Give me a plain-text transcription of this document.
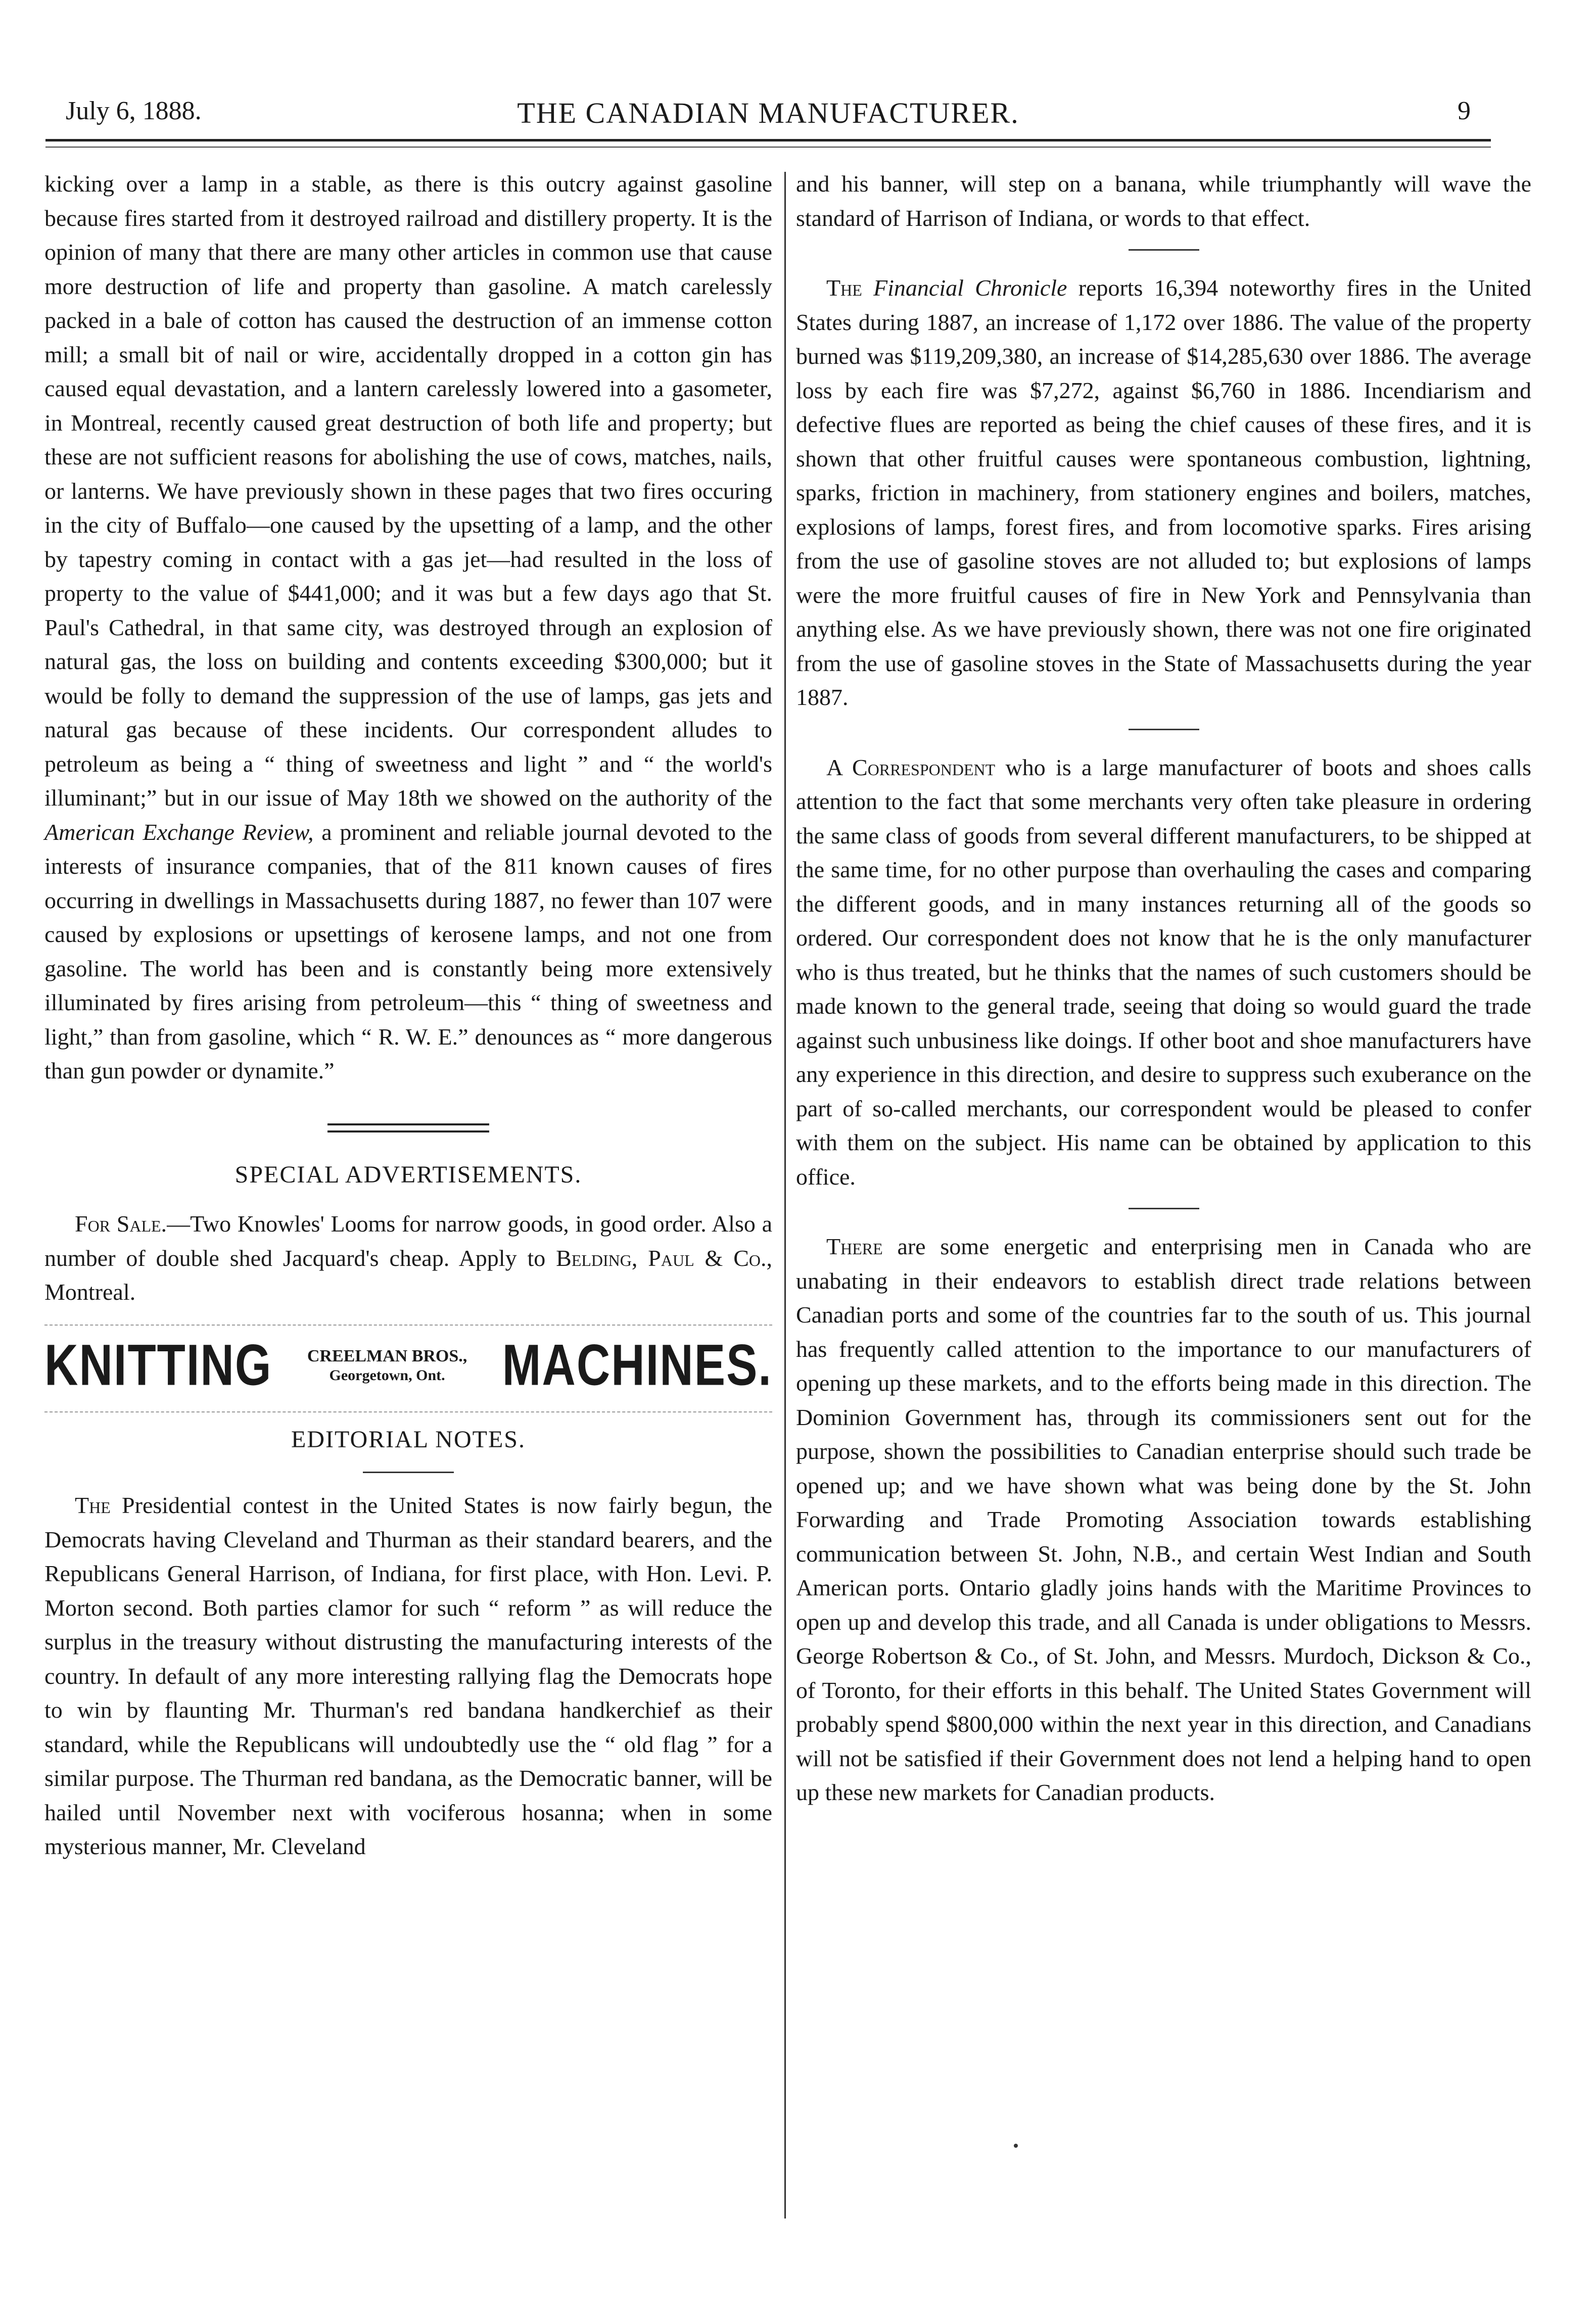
July 6, 1888.	THE CANADIAN MANUFACTURER.	9

kicking over a lamp in a stable, as there is this outcry against gasoline because fires started from it destroyed railroad and distillery property. It is the opinion of many that there are many other articles in common use that cause more destruction of life and property than gasoline. A match carelessly packed in a bale of cotton has caused the destruction of an immense cotton mill; a small bit of nail or wire, accidentally dropped in a cotton gin has caused equal devastation, and a lantern carelessly lowered into a gasometer, in Montreal, recently caused great destruction of both life and property; but these are not sufficient reasons for abolishing the use of cows, matches, nails, or lanterns. We have previously shown in these pages that two fires occuring in the city of Buffalo—one caused by the upsetting of a lamp, and the other by tapestry coming in contact with a gas jet—had resulted in the loss of property to the value of $441,000; and it was but a few days ago that St. Paul's Cathedral, in that same city, was destroyed through an explosion of natural gas, the loss on building and contents exceeding $300,000; but it would be folly to demand the suppression of the use of lamps, gas jets and natural gas because of these incidents. Our correspondent alludes to petroleum as being a “ thing of sweetness and light ” and “ the world's illuminant;” but in our issue of May 18th we showed on the authority of the American Exchange Review, a prominent and reliable journal devoted to the interests of insurance companies, that of the 811 known causes of fires occurring in dwellings in Massachusetts during 1887, no fewer than 107 were caused by explosions or upsettings of kerosene lamps, and not one from gasoline. The world has been and is constantly being more extensively illuminated by fires arising from petroleum—this “ thing of sweetness and light,” than from gasoline, which “ R. W. E.” denounces as “ more dangerous than gun powder or dynamite.”

SPECIAL ADVERTISEMENTS.

For Sale.—Two Knowles' Looms for narrow goods, in good order. Also a number of double shed Jacquard's cheap. Apply to Belding, Paul & Co., Montreal.

KNITTING CREELMAN BROS.,
Georgetown, Ont.	MACHINES.
EDITORIAL NOTES.

The Presidential contest in the United States is now fairly begun, the Democrats having Cleveland and Thurman as their standard bearers, and the Republicans General Harrison, of Indiana, for first place, with Hon. Levi. P. Morton second. Both parties clamor for such “ reform ” as will reduce the surplus in the treasury without distrusting the manufacturing interests of the country. In default of any more interesting rallying flag the Democrats hope to win by flaunting Mr. Thurman's red bandana handkerchief as their standard, while the Republicans will undoubtedly use the “ old flag ” for a similar purpose. The Thurman red bandana, as the Democratic banner, will be hailed until November next with vociferous hosanna; when in some mysterious manner, Mr. Cleveland

and his banner, will step on a banana, while triumphantly will wave the standard of Harrison of Indiana, or words to that effect.

The Financial Chronicle reports 16,394 noteworthy fires in the United States during 1887, an increase of 1,172 over 1886. The value of the property burned was $119,209,380, an increase of $14,285,630 over 1886. The average loss by each fire was $7,272, against $6,760 in 1886. Incendiarism and defective flues are reported as being the chief causes of these fires, and it is shown that other fruitful causes were spontaneous combustion, lightning, sparks, friction in machinery, from stationery engines and boilers, matches, explosions of lamps, forest fires, and from locomotive sparks. Fires arising from the use of gasoline stoves are not alluded to; but explosions of lamps were the more fruitful causes of fire in New York and Pennsylvania than anything else. As we have previously shown, there was not one fire originated from the use of gasoline stoves in the State of Massachusetts during the year 1887.

A Correspondent who is a large manufacturer of boots and shoes calls attention to the fact that some merchants very often take pleasure in ordering the same class of goods from several different manufacturers, to be shipped at the same time, for no other purpose than overhauling the cases and comparing the different goods, and in many instances returning all of the goods so ordered. Our correspondent does not know that he is the only manufacturer who is thus treated, but he thinks that the names of such customers should be made known to the general trade, seeing that doing so would guard the trade against such unbusiness like doings. If other boot and shoe manufacturers have any experience in this direction, and desire to suppress such exuberance on the part of so-called merchants, our correspondent would be pleased to confer with them on the subject. His name can be obtained by application to this office.

There are some energetic and enterprising men in Canada who are unabating in their endeavors to establish direct trade relations between Canadian ports and some of the countries far to the south of us. This journal has frequently called attention to the importance to our manufacturers of opening up these markets, and to the efforts being made in this direction. The Dominion Government has, through its commissioners sent out for the purpose, shown the possibilities to Canadian enterprise should such trade be opened up; and we have shown what was being done by the St. John Forwarding and Trade Promoting Association towards establishing communication between St. John, N.B., and certain West Indian and South American ports. Ontario gladly joins hands with the Maritime Provinces to open up and develop this trade, and all Canada is under obligations to Messrs. George Robertson & Co., of St. John, and Messrs. Murdoch, Dickson & Co., of Toronto, for their efforts in this behalf. The United States Government will probably spend $800,000 within the next year in this direction, and Canadians will not be satisfied if their Government does not lend a helping hand to open up these new markets for Canadian products.
